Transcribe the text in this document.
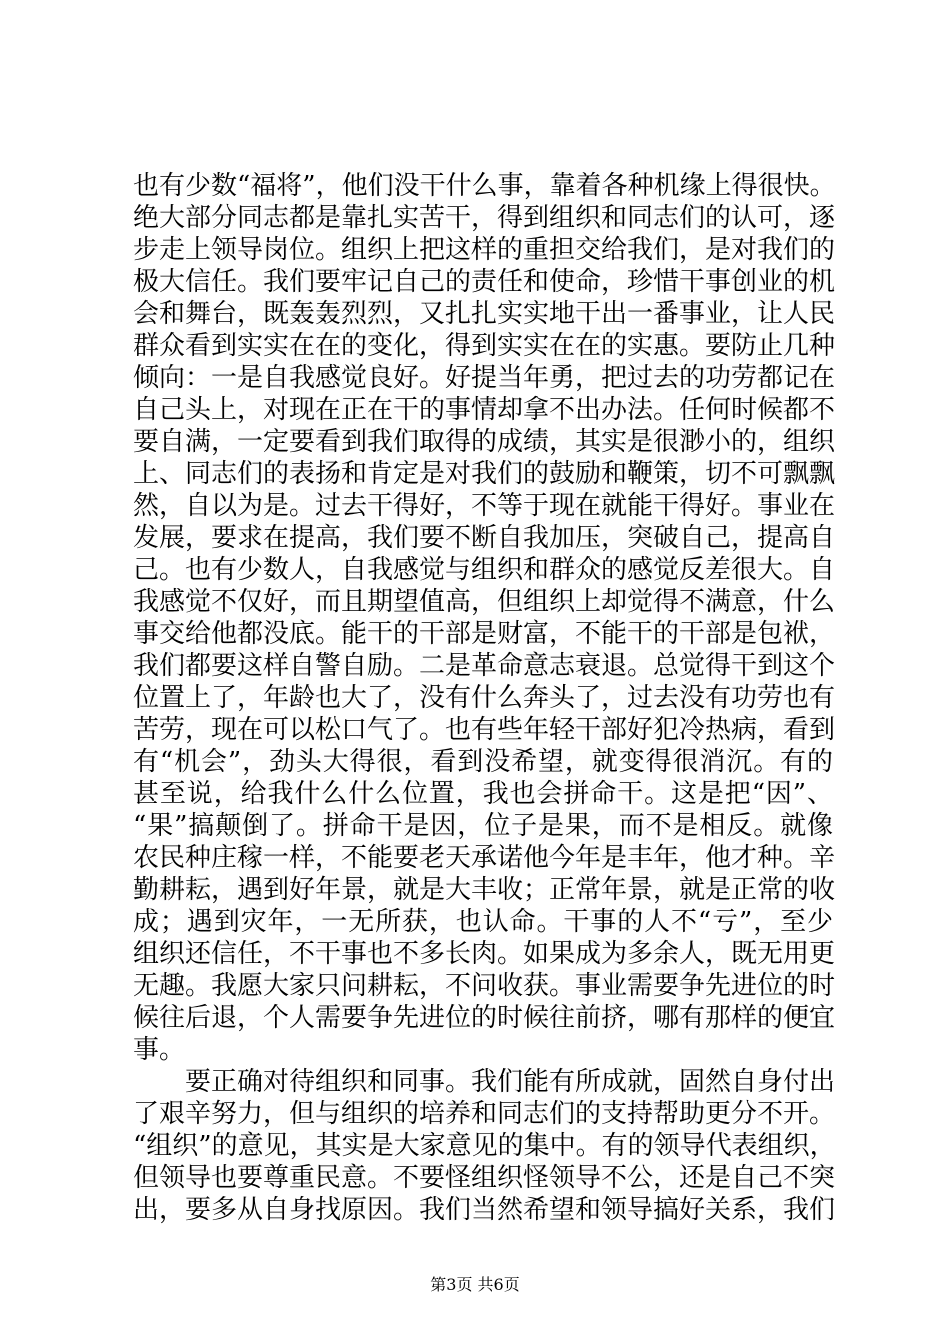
也有少数“福将”，他们没干什么事，靠着各种机缘上得很快。
绝大部分同志都是靠扎实苦干，得到组织和同志们的认可，逐
步走上领导岗位。组织上把这样的重担交给我们，是对我们的
极大信任。我们要牢记自己的责任和使命，珍惜干事创业的机
会和舞台，既轰轰烈烈，又扎扎实实地干出一番事业，让人民
群众看到实实在在的变化，得到实实在在的实惠。要防止几种
倾向：一是自我感觉良好。好提当年勇，把过去的功劳都记在
自己头上，对现在正在干的事情却拿不出办法。任何时候都不
要自满，一定要看到我们取得的成绩，其实是很渺小的，组织
上、同志们的表扬和肯定是对我们的鼓励和鞭策，切不可飘飘
然，自以为是。过去干得好，不等于现在就能干得好。事业在
发展，要求在提高，我们要不断自我加压，突破自己，提高自
己。也有少数人，自我感觉与组织和群众的感觉反差很大。自
我感觉不仅好，而且期望值高，但组织上却觉得不满意，什么
事交给他都没底。能干的干部是财富，不能干的干部是包袱，
我们都要这样自警自励。二是革命意志衰退。总觉得干到这个
位置上了，年龄也大了，没有什么奔头了，过去没有功劳也有
苦劳，现在可以松口气了。也有些年轻干部好犯冷热病，看到
有“机会”，劲头大得很，看到没希望，就变得很消沉。有的
甚至说，给我什么什么位置，我也会拼命干。这是把“因”、
“果”搞颠倒了。拼命干是因，位子是果，而不是相反。就像
农民种庄稼一样，不能要老天承诺他今年是丰年，他才种。辛
勤耕耘，遇到好年景，就是大丰收；正常年景，就是正常的收
成；遇到灾年，一无所获，也认命。干事的人不“亏”，至少
组织还信任，不干事也不多长肉。如果成为多余人，既无用更
无趣。我愿大家只问耕耘，不问收获。事业需要争先进位的时
候往后退，个人需要争先进位的时候往前挤，哪有那样的便宜
事。
要正确对待组织和同事。我们能有所成就，固然自身付出
了艰辛努力，但与组织的培养和同志们的支持帮助更分不开。
“组织”的意见，其实是大家意见的集中。有的领导代表组织，
但领导也要尊重民意。不要怪组织怪领导不公，还是自己不突
出，要多从自身找原因。我们当然希望和领导搞好关系，我们
第3页 共6页
